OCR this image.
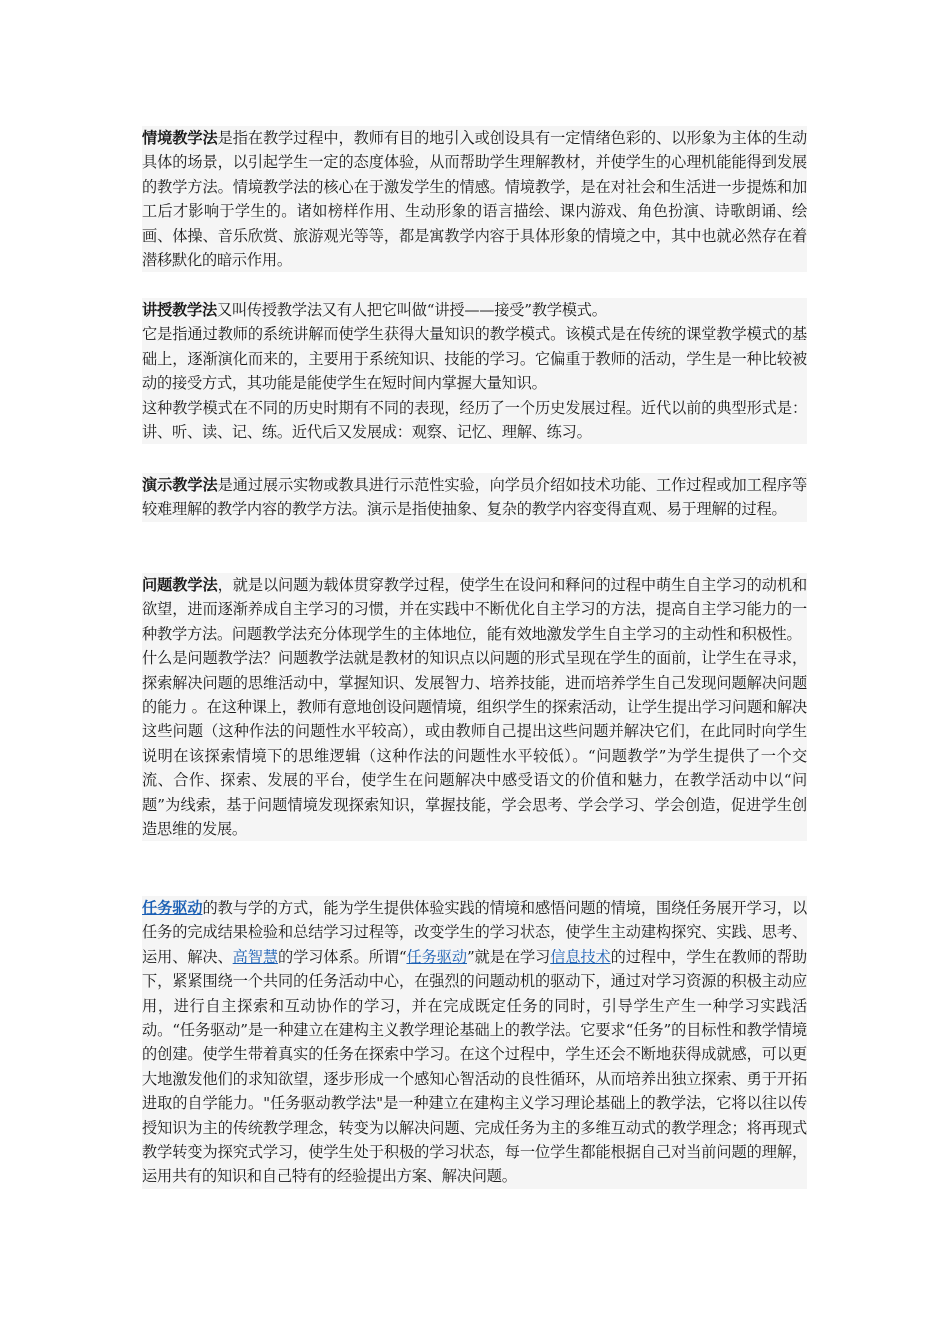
情境教学法是指在教学过程中，教师有目的地引入或创设具有一定情绪色彩的、以形象为主体的生动具体的场景，以引起学生一定的态度体验，从而帮助学生理解教材，并使学生的心理机能能得到发展的教学方法。情境教学法的核心在于激发学生的情感。情境教学，是在对社会和生活进一步提炼和加工后才影响于学生的。诸如榜样作用、生动形象的语言描绘、课内游戏、角色扮演、诗歌朗诵、绘画、体操、音乐欣赏、旅游观光等等，都是寓教学内容于具体形象的情境之中，其中也就必然存在着潜移默化的暗示作用。

讲授教学法又叫传授教学法又有人把它叫做“讲授——接受”教学模式。

它是指通过教师的系统讲解而使学生获得大量知识的教学模式。该模式是在传统的课堂教学模式的基础上，逐渐演化而来的，主要用于系统知识、技能的学习。它偏重于教师的活动，学生是一种比较被动的接受方式，其功能是能使学生在短时间内掌握大量知识。

这种教学模式在不同的历史时期有不同的表现，经历了一个历史发展过程。近代以前的典型形式是：讲、听、读、记、练。近代后又发展成：观察、记忆、理解、练习。

演示教学法是通过展示实物或教具进行示范性实验，向学员介绍如技术功能、工作过程或加工程序等较难理解的教学内容的教学方法。演示是指使抽象、复杂的教学内容变得直观、易于理解的过程。

问题教学法，就是以问题为载体贯穿教学过程，使学生在设问和释问的过程中萌生自主学习的动机和欲望，进而逐渐养成自主学习的习惯，并在实践中不断优化自主学习的方法，提高自主学习能力的一种教学方法。问题教学法充分体现学生的主体地位，能有效地激发学生自主学习的主动性和积极性。

什么是问题教学法？问题教学法就是教材的知识点以问题的形式呈现在学生的面前，让学生在寻求，探索解决问题的思维活动中，掌握知识、发展智力、培养技能，进而培养学生自己发现问题解决问题的能力 。在这种课上，教师有意地创设问题情境，组织学生的探索活动，让学生提出学习问题和解决这些问题（这种作法的问题性水平较高），或由教师自己提出这些问题并解决它们，在此同时向学生说明在该探索情境下的思维逻辑（这种作法的问题性水平较低）。“问题教学”为学生提供了一个交流、合作、探索、发展的平台，使学生在问题解决中感受语文的价值和魅力，在教学活动中以“问题”为线索，基于问题情境发现探索知识，掌握技能，学会思考、学会学习、学会创造，促进学生创造思维的发展。

任务驱动的教与学的方式，能为学生提供体验实践的情境和感悟问题的情境，围绕任务展开学习，以任务的完成结果检验和总结学习过程等，改变学生的学习状态，使学生主动建构探究、实践、思考、运用、解决、高智慧的学习体系。所谓“任务驱动”就是在学习信息技术的过程中，学生在教师的帮助下，紧紧围绕一个共同的任务活动中心，在强烈的问题动机的驱动下，通过对学习资源的积极主动应用，进行自主探索和互动协作的学习，并在完成既定任务的同时，引导学生产生一种学习实践活动。“任务驱动”是一种建立在建构主义教学理论基础上的教学法。它要求“任务”的目标性和教学情境的创建。使学生带着真实的任务在探索中学习。在这个过程中，学生还会不断地获得成就感，可以更大地激发他们的求知欲望，逐步形成一个感知心智活动的良性循环，从而培养出独立探索、勇于开拓进取的自学能力。"任务驱动教学法"是一种建立在建构主义学习理论基础上的教学法，它将以往以传授知识为主的传统教学理念，转变为以解决问题、完成任务为主的多维互动式的教学理念；将再现式教学转变为探究式学习，使学生处于积极的学习状态，每一位学生都能根据自己对当前问题的理解，运用共有的知识和自己特有的经验提出方案、解决问题。
